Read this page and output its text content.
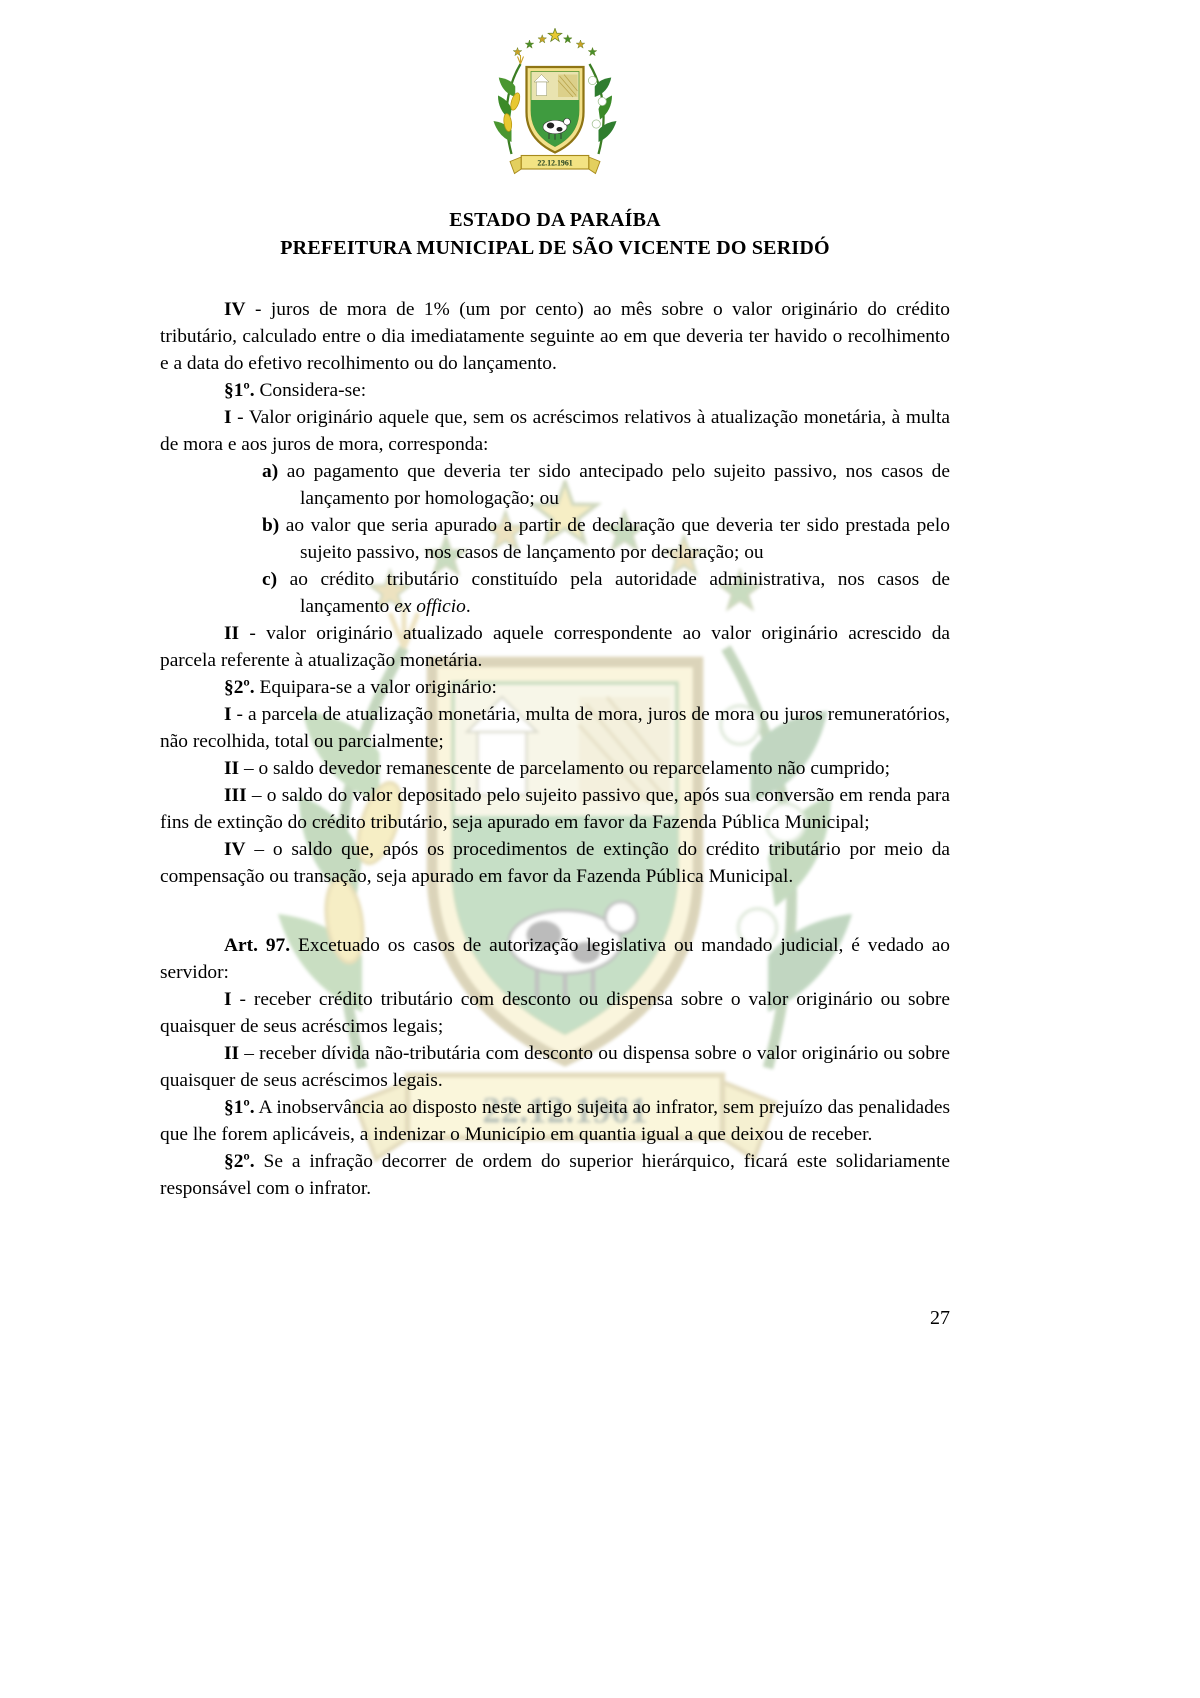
22.12.1961
ESTADO DA PARAÍBA
PREFEITURA MUNICIPAL DE SÃO VICENTE DO SERIDÓ

IV - juros de mora de 1% (um por cento) ao mês sobre o valor originário do crédito tributário, calculado entre o dia imediatamente seguinte ao em que deveria ter havido o recolhimento e a data do efetivo recolhimento ou do lançamento.

§1º. Considera-se:

I - Valor originário aquele que, sem os acréscimos relativos à atualização monetária, à multa de mora e aos juros de mora, corresponda:

a) ao pagamento que deveria ter sido antecipado pelo sujeito passivo, nos casos de lançamento por homologação; ou

b) ao valor que seria apurado a partir de declaração que deveria ter sido prestada pelo sujeito passivo, nos casos de lançamento por declaração; ou

c) ao crédito tributário constituído pela autoridade administrativa, nos casos de lançamento ex officio.

II - valor originário atualizado aquele correspondente ao valor originário acrescido da parcela referente à atualização monetária.

§2º. Equipara-se a valor originário:

I - a parcela de atualização monetária, multa de mora, juros de mora ou juros remuneratórios, não recolhida, total ou parcialmente;

II – o saldo devedor remanescente de parcelamento ou reparcelamento não cumprido;

III – o saldo do valor depositado pelo sujeito passivo que, após sua conversão em renda para fins de extinção do crédito tributário, seja apurado em favor da Fazenda Pública Municipal;

IV – o saldo que, após os procedimentos de extinção do crédito tributário por meio da compensação ou transação, seja apurado em favor da Fazenda Pública Municipal.

Art. 97. Excetuado os casos de autorização legislativa ou mandado judicial, é vedado ao servidor:

I - receber crédito tributário com desconto ou dispensa sobre o valor originário ou sobre quaisquer de seus acréscimos legais;

II – receber dívida não-tributária com desconto ou dispensa sobre o valor originário ou sobre quaisquer de seus acréscimos legais.

§1º. A inobservância ao disposto neste artigo sujeita ao infrator, sem prejuízo das penalidades que lhe forem aplicáveis, a indenizar o Município em quantia igual a que deixou de receber.

§2º. Se a infração decorrer de ordem do superior hierárquico, ficará este solidariamente responsável com o infrator.

27
